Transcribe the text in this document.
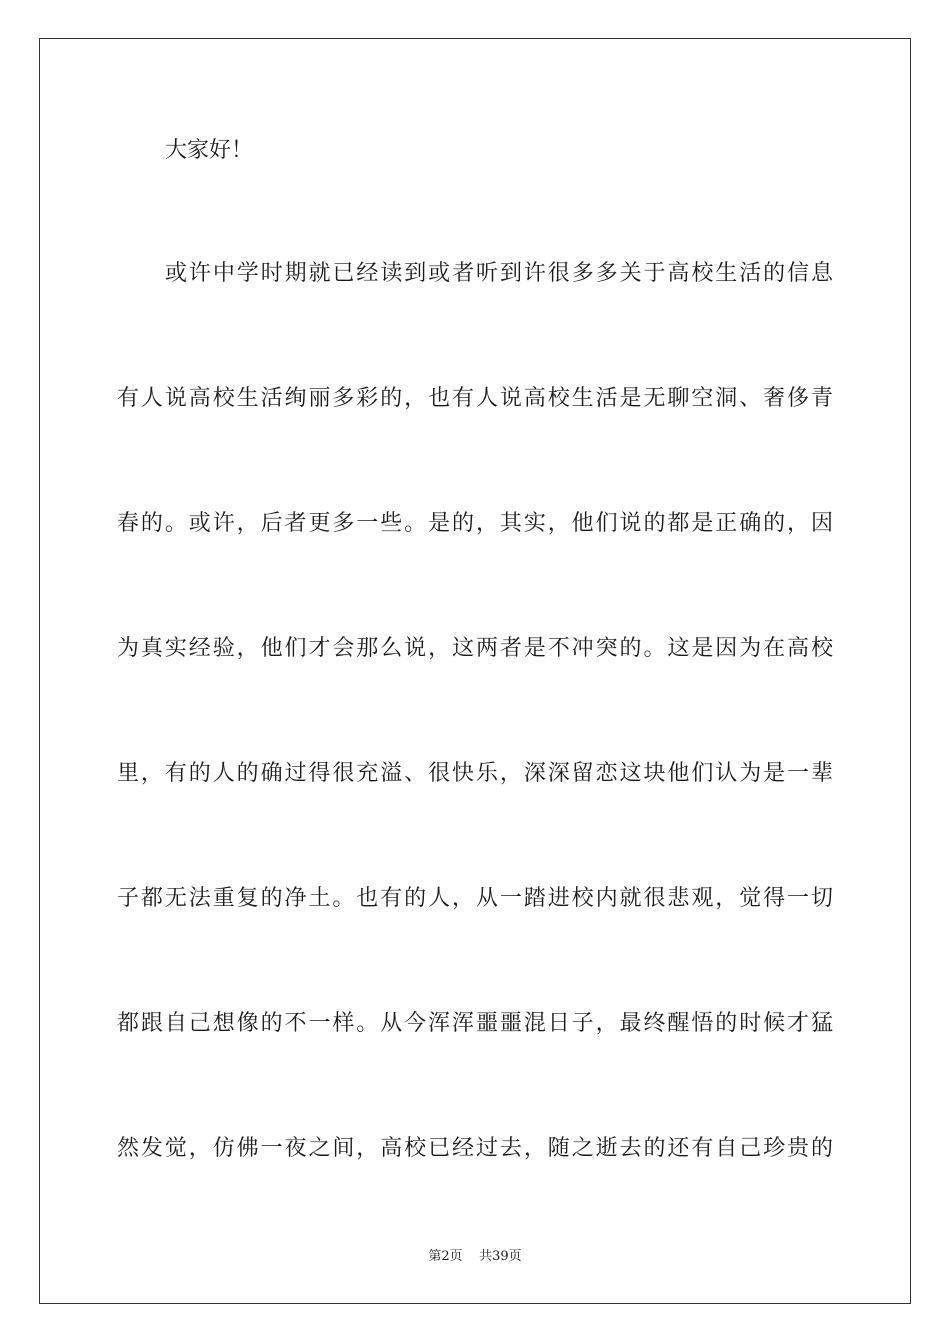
大家好！
或许中学时期就已经读到或者听到许很多多关于高校生活的信息
有人说高校生活绚丽多彩的，也有人说高校生活是无聊空洞、奢侈青
春的。或许，后者更多一些。是的，其实，他们说的都是正确的，因
为真实经验，他们才会那么说，这两者是不冲突的。这是因为在高校
里，有的人的确过得很充溢、很快乐，深深留恋这块他们认为是一辈
子都无法重复的净土。也有的人，从一踏进校内就很悲观，觉得一切
都跟自己想像的不一样。从今浑浑噩噩混日子，最终醒悟的时候才猛
然发觉，仿佛一夜之间，高校已经过去，随之逝去的还有自己珍贵的
第2页 共39页
